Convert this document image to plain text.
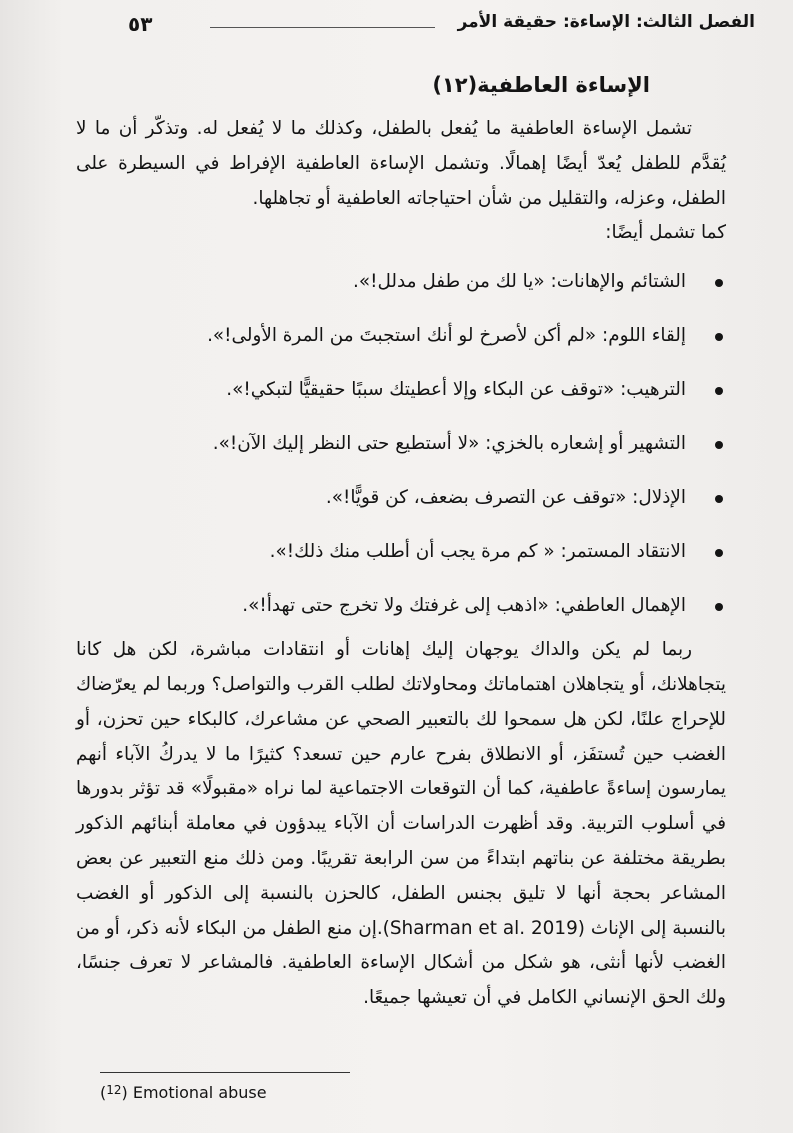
٥٣	الفصل الثالث: الإساءة: حقيقة الأمر
الإساءة العاطفية(١٢)

تشمل الإساءة العاطفية ما يُفعل بالطفل، وكذلك ما لا يُفعل له. وتذكّر أن ما لا يُقدَّم للطفل يُعدّ أيضًا إهمالًا. وتشمل الإساءة العاطفية الإفراط في السيطرة على الطفل، وعزله، والتقليل من شأن احتياجاته العاطفية أو تجاهلها.

كما تشمل أيضًا:

الشتائم والإهانات: «يا لك من طفل مدلل!».
إلقاء اللوم: «لم أكن لأصرخ لو أنك استجبتَ من المرة الأولى!».
الترهيب: «توقف عن البكاء وإلا أعطيتك سببًا حقيقيًّا لتبكي!».
التشهير أو إشعاره بالخزي: «لا أستطيع حتى النظر إليك الآن!».
الإذلال: «توقف عن التصرف بضعف، كن قويًّا!».
الانتقاد المستمر: « كم مرة يجب أن أطلب منك ذلك!».
الإهمال العاطفي: «اذهب إلى غرفتك ولا تخرج حتى تهدأ!».

ربما لم يكن والداك يوجهان إليك إهانات أو انتقادات مباشرة، لكن هل كانا يتجاهلانك، أو يتجاهلان اهتماماتك ومحاولاتك لطلب القرب والتواصل؟ وربما لم يعرّضاك للإحراج علنًا، لكن هل سمحوا لك بالتعبير الصحي عن مشاعرك، كالبكاء حين تحزن، أو الغضب حين تُستفَز، أو الانطلاق بفرح عارم حين تسعد؟ كثيرًا ما لا يدركُ الآباء أنهم يمارسون إساءةً عاطفية، كما أن التوقعات الاجتماعية لما نراه «مقبولًا» قد تؤثر بدورها في أسلوب التربية. وقد أظهرت الدراسات أن الآباء يبدؤون في معاملة أبنائهم الذكور بطريقة مختلفة عن بناتهم ابتداءً من سن الرابعة تقريبًا. ومن ذلك منع التعبير عن بعض المشاعر بحجة أنها لا تليق بجنس الطفل، كالحزن بالنسبة إلى الذكور أو الغضب بالنسبة إلى الإناث (Sharman et al. 2019).إن منع الطفل من البكاء لأنه ذكر، أو من الغضب لأنها أنثى، هو شكل من أشكال الإساءة العاطفية. فالمشاعر لا تعرف جنسًا، ولك الحق الإنساني الكامل في أن تعيشها جميعًا.

($^{12}$) Emotional abuse
